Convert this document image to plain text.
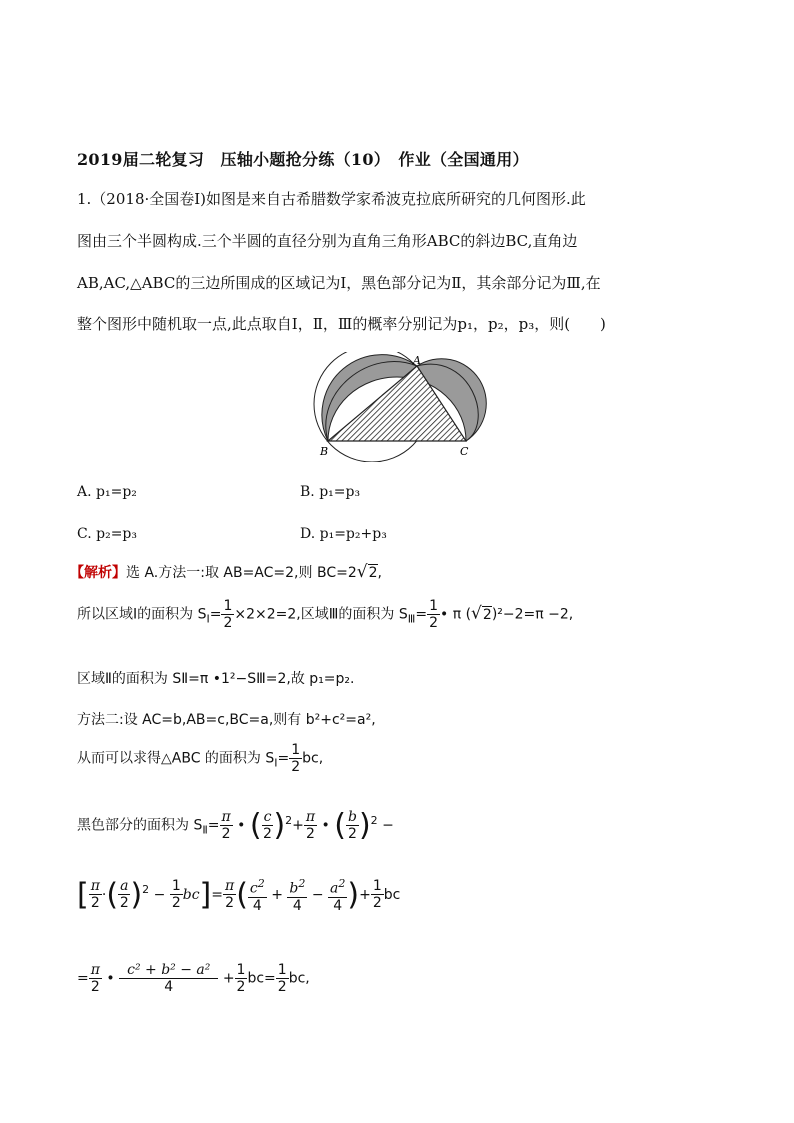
2019届二轮复习　压轴小题抢分练（10）　作业（全国通用）
1.（2018·全国卷Ⅰ)如图是来自古希腊数学家希波克拉底所研究的几何图形.此
图由三个半圆构成.三个半圆的直径分别为直角三角形ABC的斜边BC,直角边
AB,AC,△ABC的三边所围成的区域记为Ⅰ，黑色部分记为Ⅱ，其余部分记为Ⅲ,在
整个图形中随机取一点,此点取自Ⅰ，Ⅱ，Ⅲ的概率分别记为p₁，p₂，p₃，则(　　)
A
B	C
A. p₁=p₂	B. p₁=p₃
C. p₂=p₃	D. p₁=p₂+p₃
【解析】选 A.方法一:取 AB=AC=2,则 BC=2√2,
所以区域Ⅰ的面积为 $S_Ⅰ= \frac{1}{2} \times 2\times 2=2$,区域Ⅲ的面积为 $S_Ⅲ= \frac{1}{2}$ • π (√2)²−2=π −2,
区域Ⅱ的面积为 SⅡ=π •1²−SⅢ=2,故 p₁=p₂.
方法二:设 AC=b,AB=c,BC=a,则有 b²+c²=a²,
从而可以求得△ABC 的面积为 $S_Ⅰ= \frac{1}{2}$ bc,
黑色部分的面积为 $S_Ⅱ= \frac{\pi}{2}$ • ( $\frac{c}{2} )^2+ \frac{\pi}{2}$ • ( $\frac{b}{2} )^2$ −
[ $\frac{\pi}{2}$ ·( $\frac{a}{2} )^2 - \frac{1}{2} bc]= \frac{\pi}{2}$ ( $\frac{c^2}{4} + \frac{b^2}{4} - \frac{a^2}{4}$ )+ $\frac{1}{2}$ bc
= $\frac{\pi}{2}$ • $\frac{\text{c² + b² − a²}}{4} + \frac{1}{2} bc= \frac{1}{2}$ bc,
